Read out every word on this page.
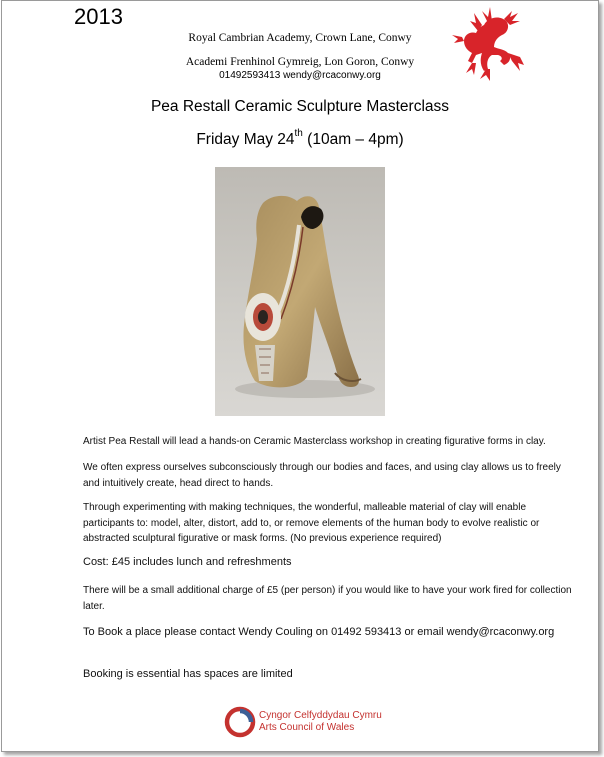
2013
Royal Cambrian Academy, Crown Lane, Conwy
Academi Frenhinol Gymreig, Lon Goron, Conwy
01492593413 wendy@rcaconwy.org
Pea Restall Ceramic Sculpture Masterclass
Friday May 24th (10am – 4pm)

Artist Pea Restall will lead a hands-on Ceramic Masterclass workshop in creating figurative forms in clay.

We often express ourselves subconsciously through our bodies and faces, and using clay allows us to freely and intuitively create, head direct to hands.

Through experimenting with making techniques, the wonderful, malleable material of clay will enable participants to: model, alter, distort, add to, or remove elements of the human body to evolve realistic or abstracted sculptural figurative or mask forms. (No previous experience required)

Cost: £45 includes lunch and refreshments

There will be a small additional charge of £5 (per person) if you would like to have your work fired for collection later.

To Book a place please contact Wendy Couling on 01492 593413 or email wendy@rcaconwy.org

Booking is essential has spaces are limited
Cyngor Celfyddydau Cymru
Arts Council of Wales
